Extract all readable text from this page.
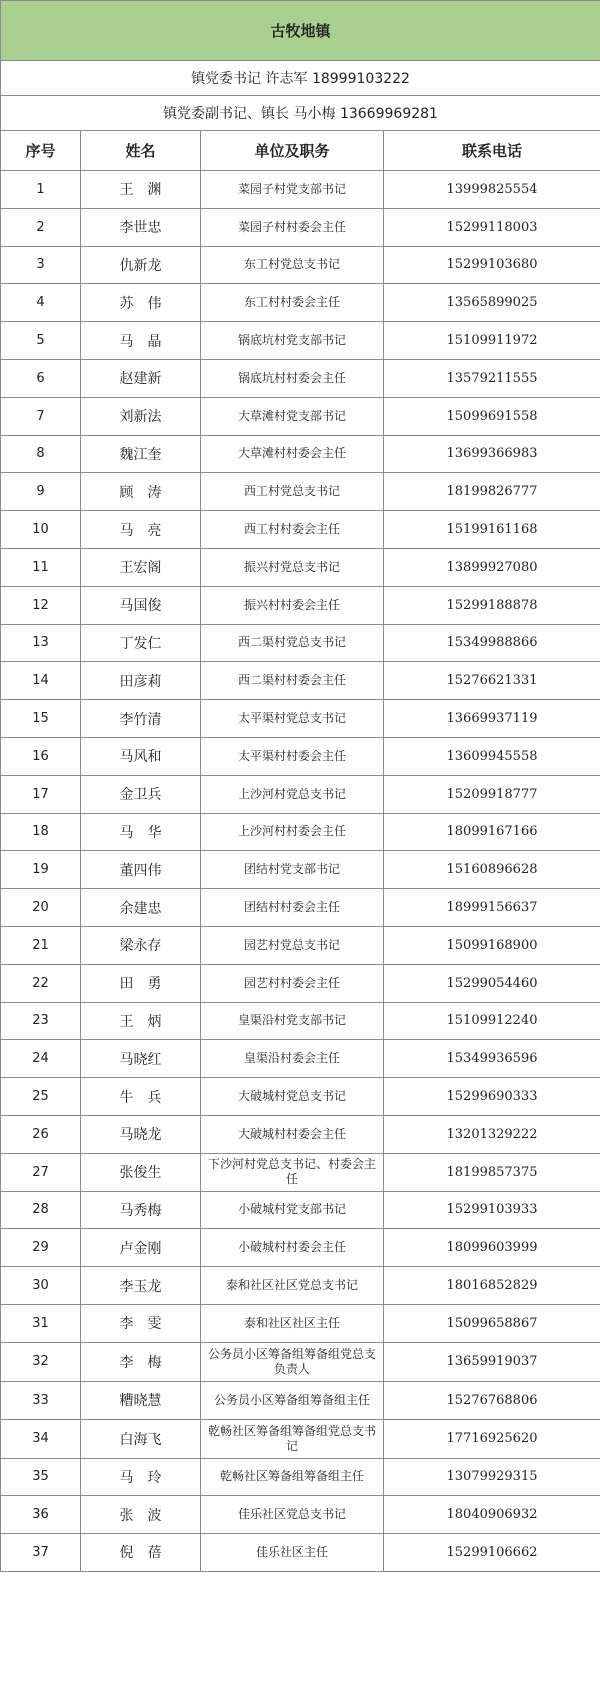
古牧地镇			
镇党委书记 许志军 18999103222			
镇党委副书记、镇长 马小梅 13669969281			
序号	姓名	单位及职务	联系电话
1	王　渊	菜园子村党支部书记	13999825554
2	李世忠	菜园子村村委会主任	15299118003
3	仇新龙	东工村党总支书记	15299103680
4	苏　伟	东工村村委会主任	13565899025
5	马　晶	锅底坑村党支部书记	15109911972
6	赵建新	锅底坑村村委会主任	13579211555
7	刘新法	大草滩村党支部书记	15099691558
8	魏江奎	大草滩村村委会主任	13699366983
9	顾　涛	西工村党总支书记	18199826777
10	马　亮	西工村村委会主任	15199161168
11	王宏阁	振兴村党总支书记	13899927080
12	马国俊	振兴村村委会主任	15299188878
13	丁发仁	西二渠村党总支书记	15349988866
14	田彦莉	西二渠村村委会主任	15276621331
15	李竹清	太平渠村党总支书记	13669937119
16	马风和	太平渠村村委会主任	13609945558
17	金卫兵	上沙河村党总支书记	15209918777
18	马　华	上沙河村村委会主任	18099167166
19	董四伟	团结村党支部书记	15160896628
20	余建忠	团结村村委会主任	18999156637
21	梁永存	园艺村党总支书记	15099168900
22	田　勇	园艺村村委会主任	15299054460
23	王　炳	皇渠沿村党支部书记	15109912240
24	马晓红	皇渠沿村委会主任	15349936596
25	牛　兵	大破城村党总支书记	15299690333
26	马晓龙	大破城村村委会主任	13201329222
27	张俊生	下沙河村党总支书记、村委会主任	18199857375
28	马秀梅	小破城村党支部书记	15299103933
29	卢金刚	小破城村村委会主任	18099603999
30	李玉龙	泰和社区社区党总支书记	18016852829
31	李　雯	泰和社区社区主任	15099658867
32	李　梅	公务员小区筹备组筹备组党总支负责人	13659919037
33	糟晓慧	公务员小区筹备组筹备组主任	15276768806
34	白海飞	乾畅社区筹备组筹备组党总支书记	17716925620
35	马　玲	乾畅社区筹备组筹备组主任	13079929315
36	张　波	佳乐社区党总支书记	18040906932
37	倪　蓓	佳乐社区主任	15299106662
